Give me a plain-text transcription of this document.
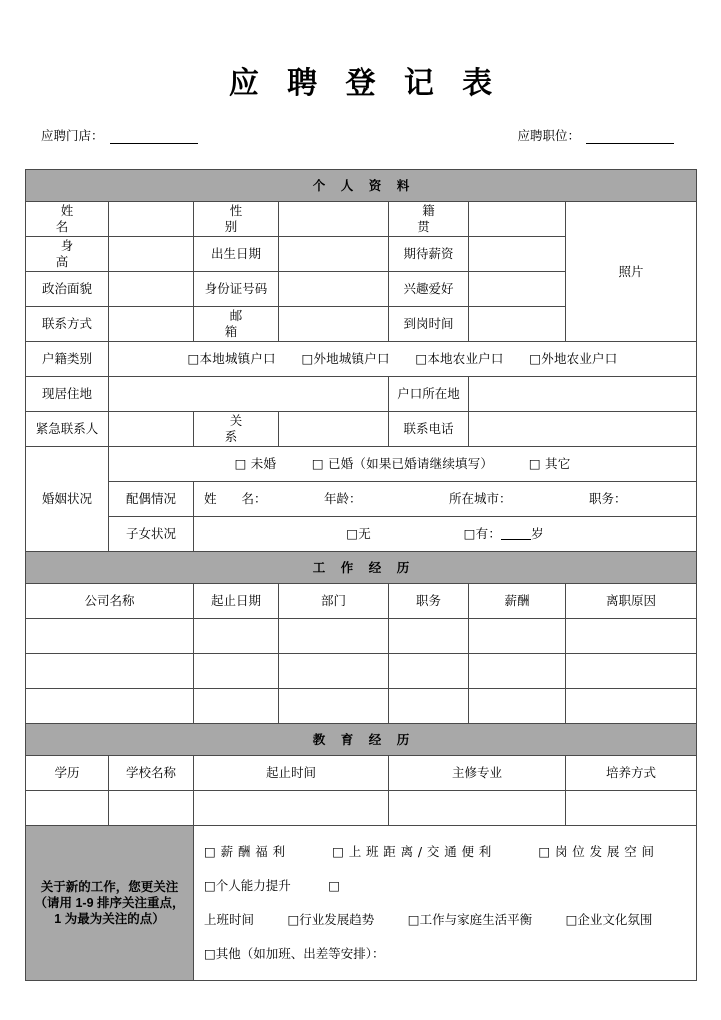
应 聘 登 记 表
应聘门店：	应聘职位：
个 人 资 料						
姓　　名		性　　别		籍　　贯		照片
身　　高		出生日期		期待薪资		
政治面貌		身份证号码		兴趣爱好		
联系方式		邮　　箱		到岗时间		
户籍类别	□本地城镇户口 □外地城镇户口 □本地农业户口 □外地农业户口					
现居住地				户口所在地		
紧急联系人		关　　系		联系电话		
婚姻状况	□ 未婚 □ 已婚（如果已婚请继续填写） □ 其它					
	配偶情况	姓　　名： 年龄： 所在城市： 职务：				

	子女状况	□无 □有： 岁				
工 作 经 历						
公司名称		起止日期	部门	职务	薪酬	离职原因

教 育 经 历						
学历	学校名称	起止时间		主修专业		培养方式

关于新的工作，您更关注
（请用 1-9 排序关注重点，
1 为最为关注的点）

□薪酬福利	□上班距离/交通便利	□岗位发展空间 □个人能力提升	□
上班时间	□行业发展趋势	□工作与家庭生活平衡	□企业文化氛围
□其他（如加班、出差等安排）：
